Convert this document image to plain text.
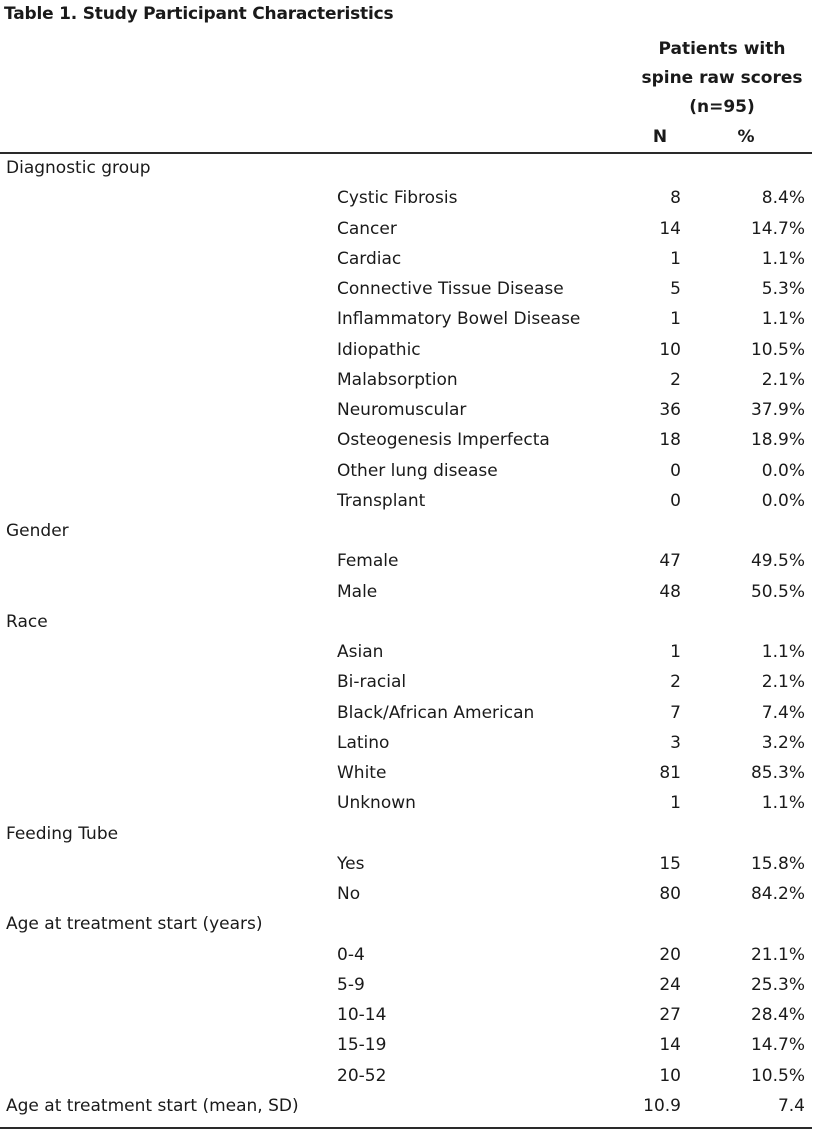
Table 1. Study Participant Characteristics
Patients with
spine raw scores
(n=95)
N	%
Diagnostic group
Cystic Fibrosis	8	8.4%
Cancer	14	14.7%
Cardiac	1	1.1%
Connective Tissue Disease	5	5.3%
Inflammatory Bowel Disease	1	1.1%
Idiopathic	10	10.5%
Malabsorption	2	2.1%
Neuromuscular	36	37.9%
Osteogenesis Imperfecta	18	18.9%
Other lung disease	0	0.0%
Transplant	0	0.0%
Gender
Female	47	49.5%
Male	48	50.5%
Race
Asian	1	1.1%
Bi-racial	2	2.1%
Black/African American	7	7.4%
Latino	3	3.2%
White	81	85.3%
Unknown	1	1.1%
Feeding Tube
Yes	15	15.8%
No	80	84.2%
Age at treatment start (years)
0-4	20	21.1%
5-9	24	25.3%
10-14	27	28.4%
15-19	14	14.7%
20-52	10	10.5%
Age at treatment start (mean, SD)	10.9	7.4
